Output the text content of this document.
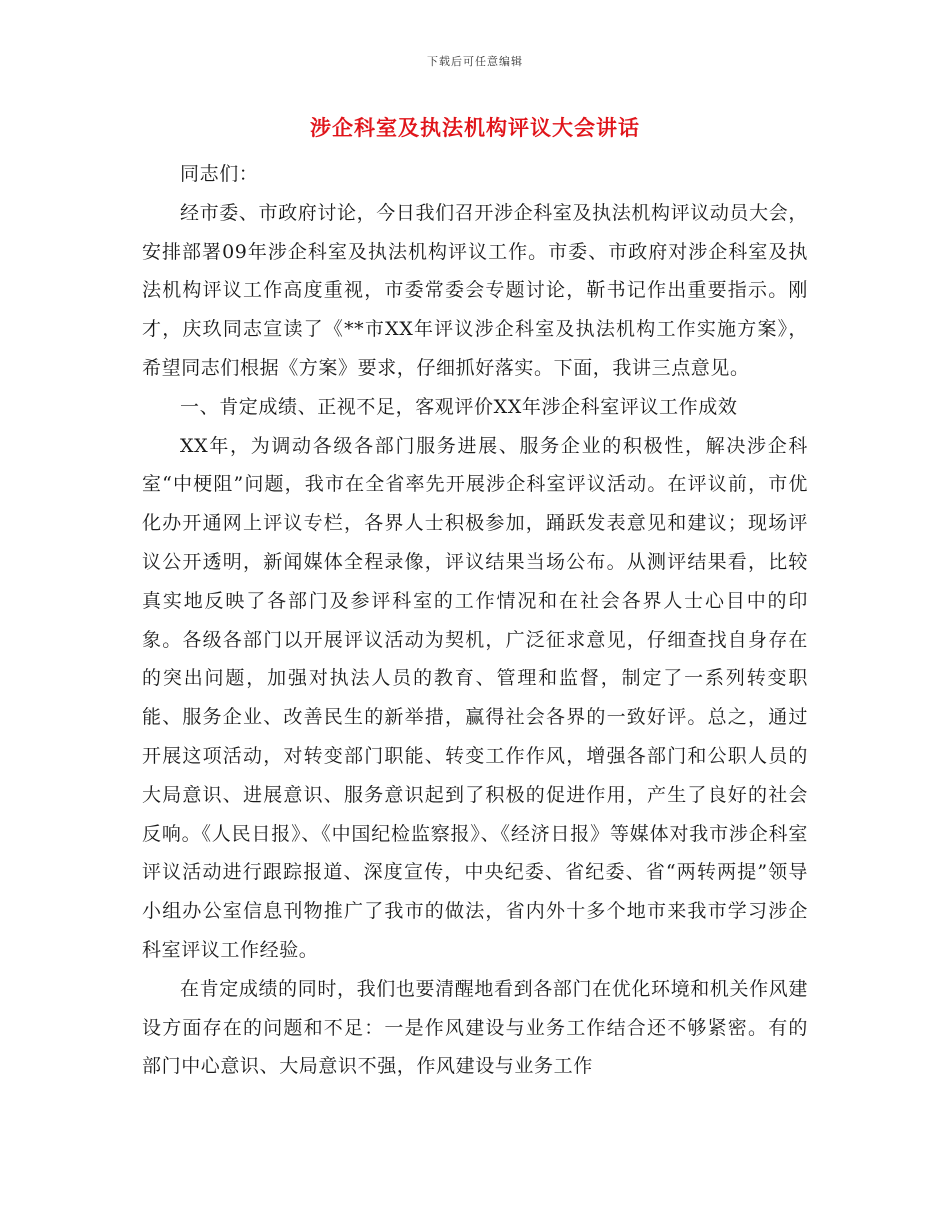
下载后可任意编辑
涉企科室及执法机构评议大会讲话

同志们：

经市委、市政府讨论，今日我们召开涉企科室及执法机构评议动员大会，安排部署09年涉企科室及执法机构评议工作。市委、市政府对涉企科室及执法机构评议工作高度重视，市委常委会专题讨论，靳书记作出重要指示。刚才，庆玖同志宣读了《**市XX年评议涉企科室及执法机构工作实施方案》，希望同志们根据《方案》要求，仔细抓好落实。下面，我讲三点意见。

一、肯定成绩、正视不足，客观评价XX年涉企科室评议工作成效

XX年，为调动各级各部门服务进展、服务企业的积极性，解决涉企科室“中梗阻”问题，我市在全省率先开展涉企科室评议活动。在评议前，市优化办开通网上评议专栏，各界人士积极参加，踊跃发表意见和建议；现场评议公开透明，新闻媒体全程录像，评议结果当场公布。从测评结果看，比较真实地反映了各部门及参评科室的工作情况和在社会各界人士心目中的印象。各级各部门以开展评议活动为契机，广泛征求意见，仔细查找自身存在的突出问题，加强对执法人员的教育、管理和监督，制定了一系列转变职能、服务企业、改善民生的新举措，赢得社会各界的一致好评。总之，通过开展这项活动，对转变部门职能、转变工作作风，增强各部门和公职人员的大局意识、进展意识、服务意识起到了积极的促进作用，产生了良好的社会反响。《人民日报》、《中国纪检监察报》、《经济日报》等媒体对我市涉企科室评议活动进行跟踪报道、深度宣传，中央纪委、省纪委、省“两转两提”领导小组办公室信息刊物推广了我市的做法，省内外十多个地市来我市学习涉企科室评议工作经验。

在肯定成绩的同时，我们也要清醒地看到各部门在优化环境和机关作风建设方面存在的问题和不足：一是作风建设与业务工作结合还不够紧密。有的部门中心意识、大局意识不强，作风建设与业务工作
